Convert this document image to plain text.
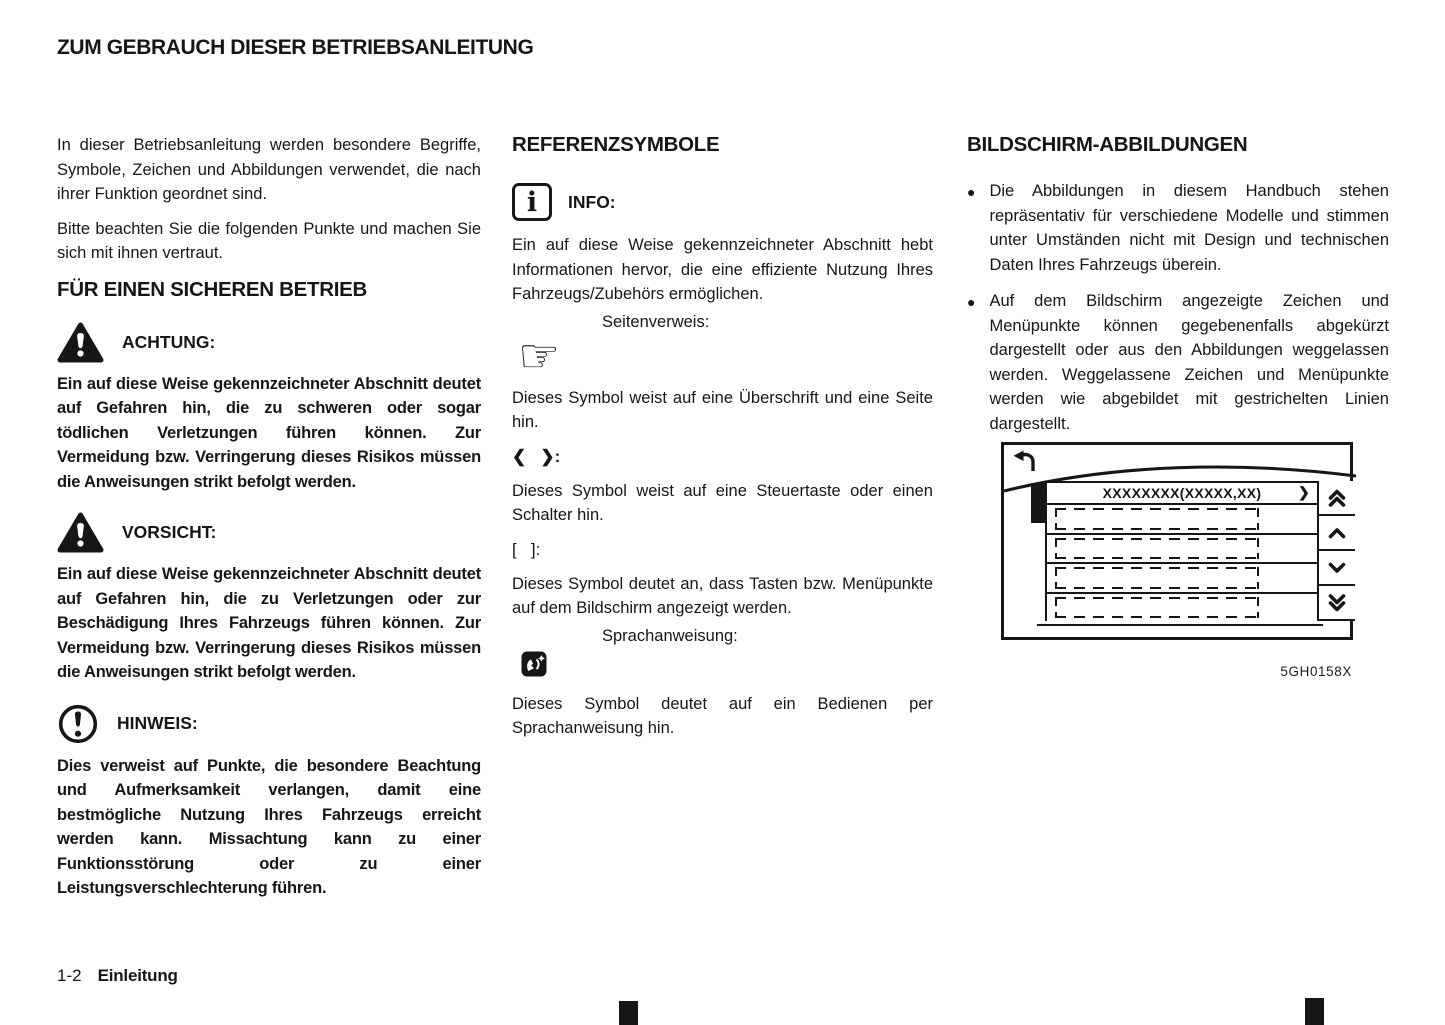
ZUM GEBRAUCH DIESER BETRIEBSANLEITUNG

In dieser Betriebsanleitung werden besondere Begriffe, Symbole, Zeichen und Abbildungen verwendet, die nach ihrer Funktion geordnet sind.

Bitte beachten Sie die folgenden Punkte und machen Sie sich mit ihnen vertraut.

FÜR EINEN SICHEREN BETRIEB
ACHTUNG:

Ein auf diese Weise gekennzeichneter Abschnitt deutet auf Gefahren hin, die zu schweren oder sogar tödlichen Verletzungen führen können. Zur Vermeidung bzw. Verringerung dieses Risikos müssen die Anweisungen strikt befolgt werden.

VORSICHT:

Ein auf diese Weise gekennzeichneter Abschnitt deutet auf Gefahren hin, die zu Verletzungen oder zur Beschädigung Ihres Fahrzeugs führen können. Zur Vermeidung bzw. Verringerung dieses Risikos müssen die Anweisungen strikt befolgt werden.

HINWEIS:

Dies verweist auf Punkte, die besondere Beachtung und Aufmerksamkeit verlangen, damit eine bestmögliche Nutzung Ihres Fahrzeugs erreicht werden kann. Missachtung kann zu einer Funktionsstörung oder zu einer Leistungsverschlechterung führen.

REFERENZSYMBOLE
i INFO:

Ein auf diese Weise gekennzeichneter Abschnitt hebt Informationen hervor, die eine effiziente Nutzung Ihres Fahrzeugs/Zubehörs ermöglichen.

Seitenverweis:
☞

Dieses Symbol weist auf eine Überschrift und eine Seite hin.

❮   ❯:

Dieses Symbol weist auf eine Steuertaste oder einen Schalter hin.

[   ]:

Dieses Symbol deutet an, dass Tasten bzw. Menüpunkte auf dem Bildschirm angezeigt werden.

Sprachanweisung:

Dieses Symbol deutet auf ein Bedienen per Sprachanweisung hin.

BILDSCHIRM-ABBILDUNGEN
● Die Abbildungen in diesem Handbuch stehen repräsentativ für verschiedene Modelle und stimmen unter Umständen nicht mit Design und technischen Daten Ihres Fahrzeugs überein.

● Auf dem Bildschirm angezeigte Zeichen und Menüpunkte können gegebenenfalls abgekürzt dargestellt oder aus den Abbildungen weggelassen werden. Weggelassene Zeichen und Menüpunkte werden wie abgebildet mit gestrichelten Linien dargestellt.

XXXXXXXX(XXXXX,XX)	❯
5GH0158X
1-2 Einleitung
